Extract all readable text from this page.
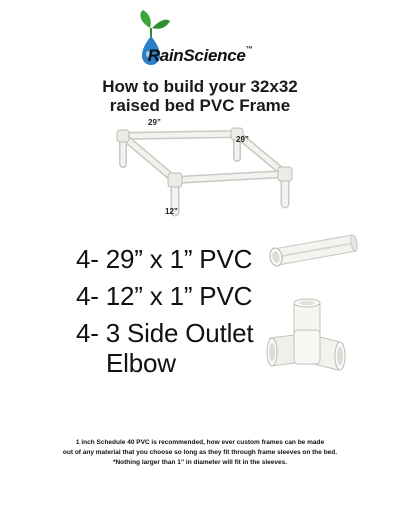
RainScience™
How to build your 32x32
raised bed PVC Frame
29”
29”
12”
4- 29” x 1” PVC
4- 12” x 1” PVC
4- 3 Side Outlet
Elbow
1 inch Schedule 40 PVC is recommended, how ever custom frames can be made
out of any material that you choose so long as they fit through frame sleeves on the bed.
*Nothing larger than 1” in diameter will fit in the sleeves.
